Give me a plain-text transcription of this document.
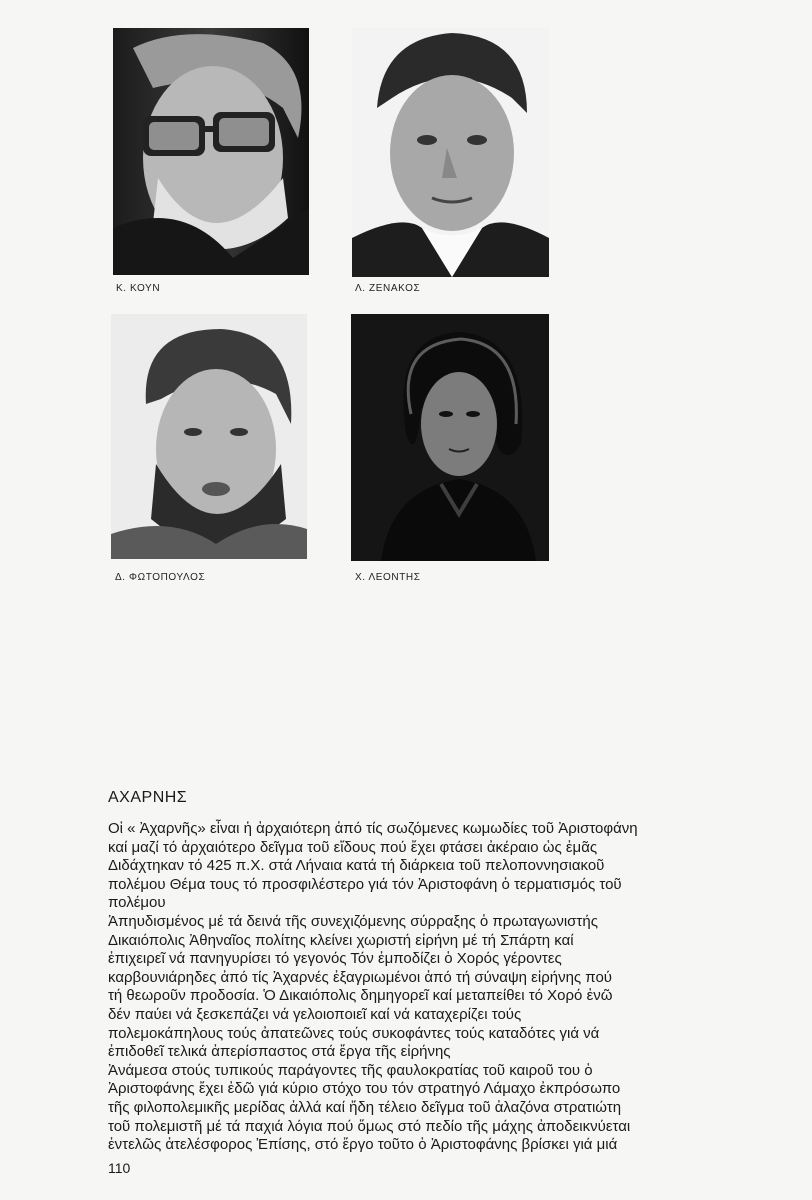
Κ. ΚΟΥΝ	Λ. ΖΕΝΑΚΟΣ
Δ. ΦΩΤΟΠΟΥΛΟΣ	Χ. ΛΕΟΝΤΗΣ
ΑΧΑΡΝΗΣ

Οἱ « Ἀχαρνῆς» εἶναι ἡ ἀρχαιότερη ἀπό τίς σωζόμενες κωμωδίες τοῦ Ἀριστοφάνη

καί μαζί τό ἀρχαιότερο δεῖγμα τοῦ εἴδους πού ἔχει φτάσει ἀκέραιο ὡς ἐμᾶς

Διδάχτηκαν τό 425 π.Χ. στά Λήναια κατά τή διάρκεια τοῦ πελοποννησιακοῦ

πολέμου Θέμα τους τό προσφιλέστερο γιά τόν Ἀριστοφάνη ὁ τερματισμός τοῦ

πολέμου

Ἀπηυδισμένος μέ τά δεινά τῆς συνεχιζόμενης σύρραξης ὁ πρωταγωνιστής

Δικαιόπολις Ἀθηναῖος πολίτης κλείνει χωριστή εἰρήνη μέ τή Σπάρτη καί

ἐπιχειρεῖ νά πανηγυρίσει τό γεγονός Τόν ἐμποδίζει ὁ Χορός γέροντες

καρβουνιάρηδες ἀπό τίς Ἀχαρνές ἐξαγριωμένοι ἀπό τή σύναψη εἰρήνης πού

τή θεωροῦν προδοσία. Ὁ Δικαιόπολις δημηγορεῖ καί μεταπείθει τό Χορό ἐνῶ

δέν παύει νά ξεσκεπάζει νά γελοιοποιεῖ καί νά καταχερίζει τούς

πολεμοκάπηλους τούς ἀπατεῶνες τούς συκοφάντες τούς καταδότες γιά νά

ἐπιδοθεῖ τελικά ἀπερίσπαστος στά ἔργα τῆς εἰρήνης

Ἀνάμεσα στούς τυπικούς παράγοντες τῆς φαυλοκρατίας τοῦ καιροῦ του ὁ

Ἀριστοφάνης ἔχει ἐδῶ γιά κύριο στόχο του τόν στρατηγό Λάμαχο ἐκπρόσωπο

τῆς φιλοπολεμικῆς μερίδας ἀλλά καί ἤδη τέλειο δεῖγμα τοῦ ἀλαζόνα στρατιώτη

τοῦ πολεμιστῆ μέ τά παχιά λόγια πού ὅμως στό πεδίο τῆς μάχης ἀποδεικνύεται

ἐντελῶς ἀτελέσφορος Ἐπίσης, στό ἔργο τοῦτο ὁ Ἀριστοφάνης βρίσκει γιά μιά

110
